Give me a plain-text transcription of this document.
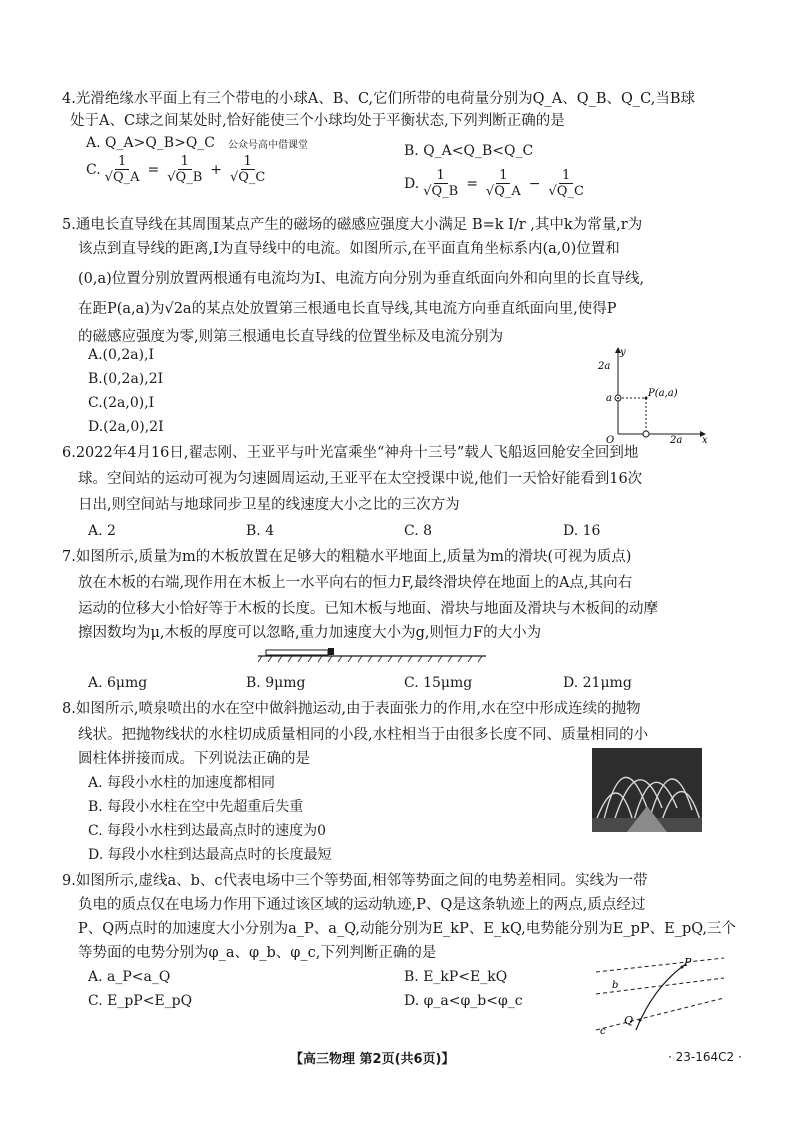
4.光滑绝缘水平面上有三个带电的小球A、B、C,它们所带的电荷量分别为Q_A、Q_B、Q_C,当B球
处于A、C球之间某处时,恰好能使三个小球均处于平衡状态,下列判断正确的是
A. Q_A>Q_B>Q_C 公众号高中借课堂	B. Q_A<Q_B<Q_C
C. $\frac{1}{√Q\_A} = \frac{1}{√Q\_B} + \frac{1}{√Q\_C}$	D. $\frac{1}{√Q\_B} = \frac{1}{√Q\_A} - \frac{1}{√Q\_C}$
5.通电长直导线在其周围某点产生的磁场的磁感应强度大小满足 B=k I/r ,其中k为常量,r为
该点到直导线的距离,I为直导线中的电流。如图所示,在平面直角坐标系内(a,0)位置和
(0,a)位置分别放置两根通有电流均为I、电流方向分别为垂直纸面向外和向里的长直导线,
在距P(a,a)为√2a的某点处放置第三根通电长直导线,其电流方向垂直纸面向里,使得P
的磁感应强度为零,则第三根通电长直导线的位置坐标及电流分别为
A.(0,2a),I
B.(0,2a),2I
C.(2a,0),I
D.(2a,0),2I
y
x
O
2a
a
2a
P(a,a)
6.2022年4月16日,翟志刚、王亚平与叶光富乘坐“神舟十三号”载人飞船返回舱安全回到地
球。空间站的运动可视为匀速圆周运动,王亚平在太空授课中说,他们一天恰好能看到16次
日出,则空间站与地球同步卫星的线速度大小之比的三次方为
A. 2	B. 4	C. 8	D. 16
7.如图所示,质量为m的木板放置在足够大的粗糙水平地面上,质量为m的滑块(可视为质点)
放在木板的右端,现作用在木板上一水平向右的恒力F,最终滑块停在地面上的A点,其向右
运动的位移大小恰好等于木板的长度。已知木板与地面、滑块与地面及滑块与木板间的动摩
擦因数均为μ,木板的厚度可以忽略,重力加速度大小为g,则恒力F的大小为
A. 6μmg	B. 9μmg	C. 15μmg	D. 21μmg
8.如图所示,喷泉喷出的水在空中做斜抛运动,由于表面张力的作用,水在空中形成连续的抛物
线状。把抛物线状的水柱切成质量相同的小段,水柱相当于由很多长度不同、质量相同的小
圆柱体拼接而成。下列说法正确的是
A. 每段小水柱的加速度都相同
B. 每段小水柱在空中先超重后失重
C. 每段小水柱到达最高点时的速度为0
D. 每段小水柱到达最高点时的长度最短
9.如图所示,虚线a、b、c代表电场中三个等势面,相邻等势面之间的电势差相同。实线为一带
负电的质点仅在电场力作用下通过该区域的运动轨迹,P、Q是这条轨迹上的两点,质点经过
P、Q两点时的加速度大小分别为a_P、a_Q,动能分别为E_kP、E_kQ,电势能分别为E_pP、E_pQ,三个
等势面的电势分别为φ_a、φ_b、φ_c,下列判断正确的是
A. a_P<a_Q	B. E_kP<E_kQ
C. E_pP<E_pQ	D. φ_a<φ_b<φ_c
P
Q
b
c
【高三物理 第2页(共6页)】	· 23-164C2 ·
